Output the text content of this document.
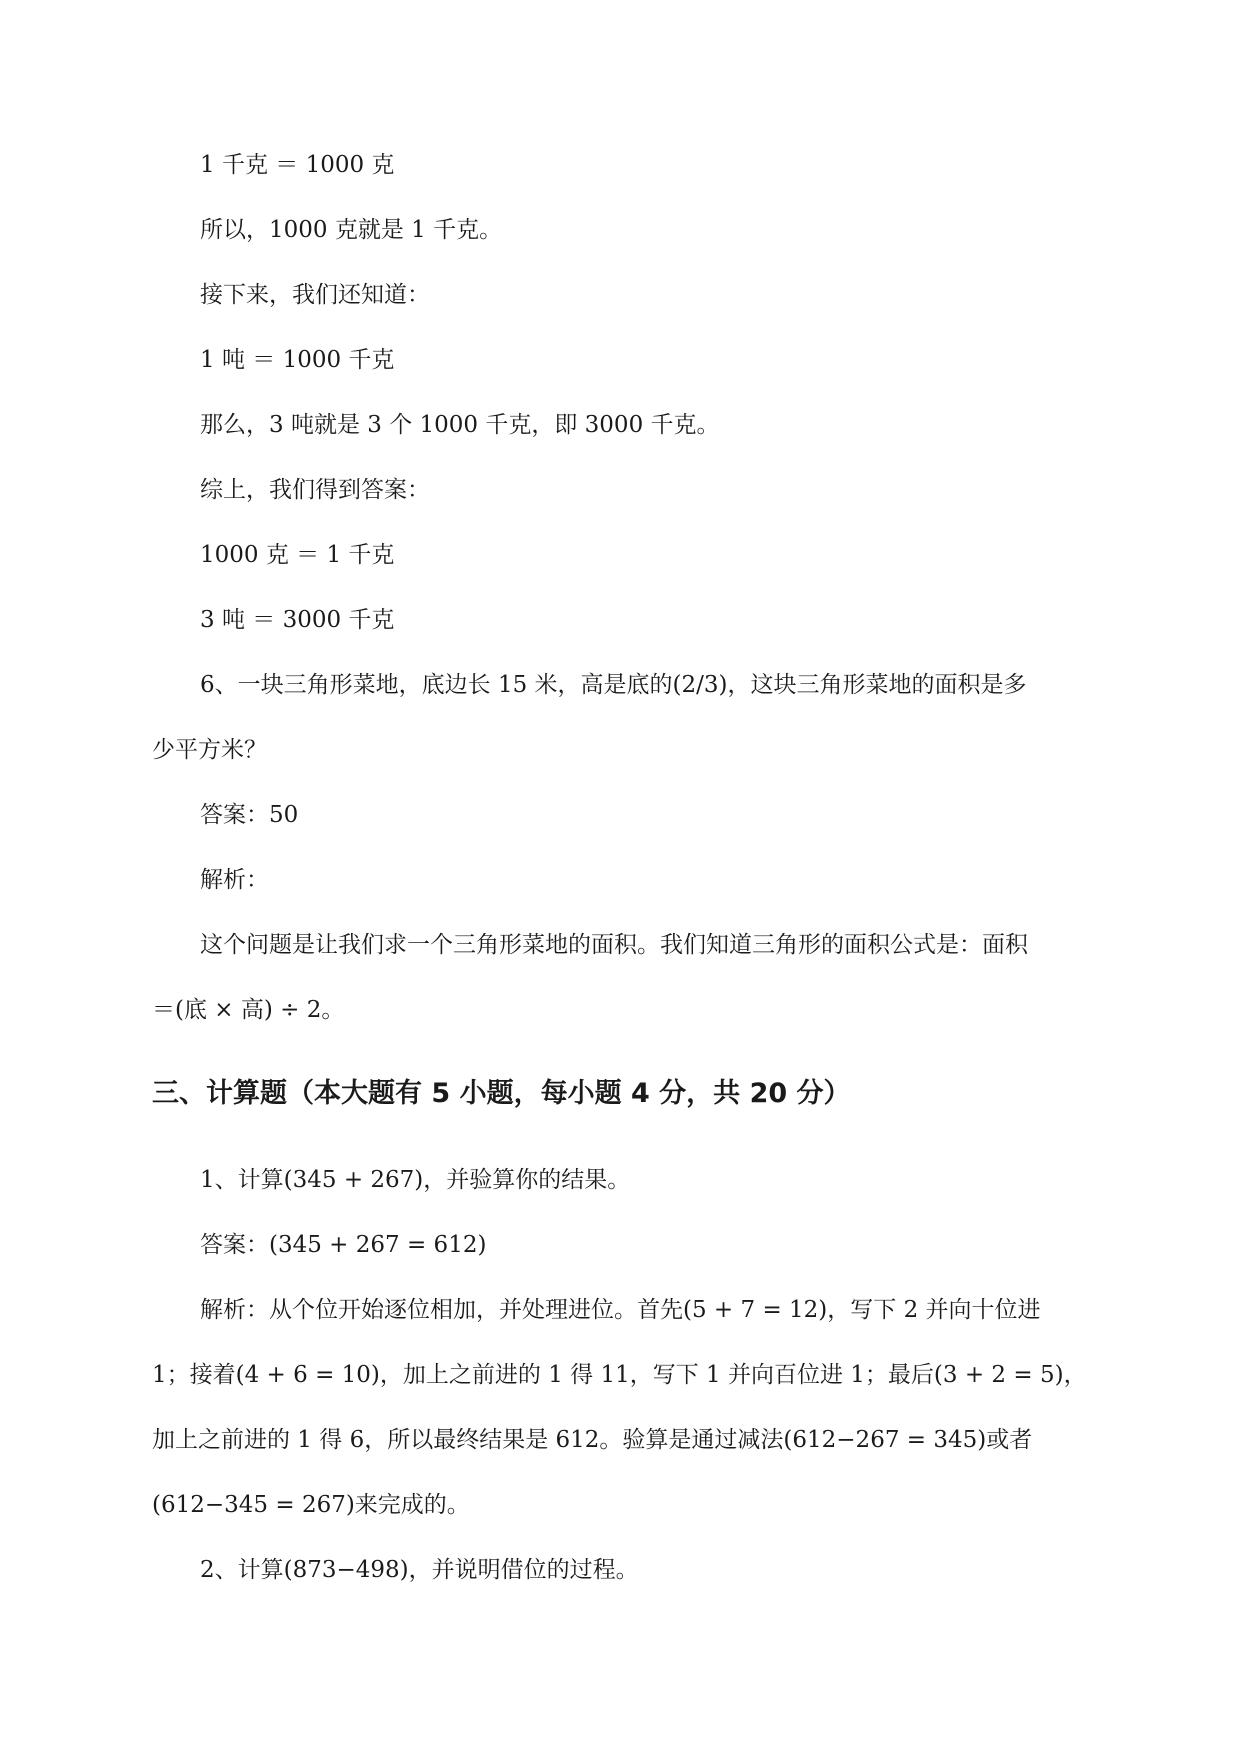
1 千克 ＝ 1000 克

所以，1000 克就是 1 千克。

接下来，我们还知道：

1 吨 ＝ 1000 千克

那么，3 吨就是 3 个 1000 千克，即 3000 千克。

综上，我们得到答案：

1000 克 ＝ 1 千克

3 吨 ＝ 3000 千克

6、一块三角形菜地，底边长 15 米，高是底的(2/3)，这块三角形菜地的面积是多

少平方米？

答案：50

解析：

这个问题是让我们求一个三角形菜地的面积。我们知道三角形的面积公式是：面积

＝(底 × 高) ÷ 2。

三、计算题（本大题有 5 小题，每小题 4 分，共 20 分）

1、计算(345 + 267)，并验算你的结果。

答案：(345 + 267 = 612)

解析：从个位开始逐位相加，并处理进位。首先(5 + 7 = 12)，写下 2 并向十位进

1；接着(4 + 6 = 10)，加上之前进的 1 得 11，写下 1 并向百位进 1；最后(3 + 2 = 5)，

加上之前进的 1 得 6，所以最终结果是 612。验算是通过减法(612−267 = 345)或者

(612−345 = 267)来完成的。

2、计算(873−498)，并说明借位的过程。
